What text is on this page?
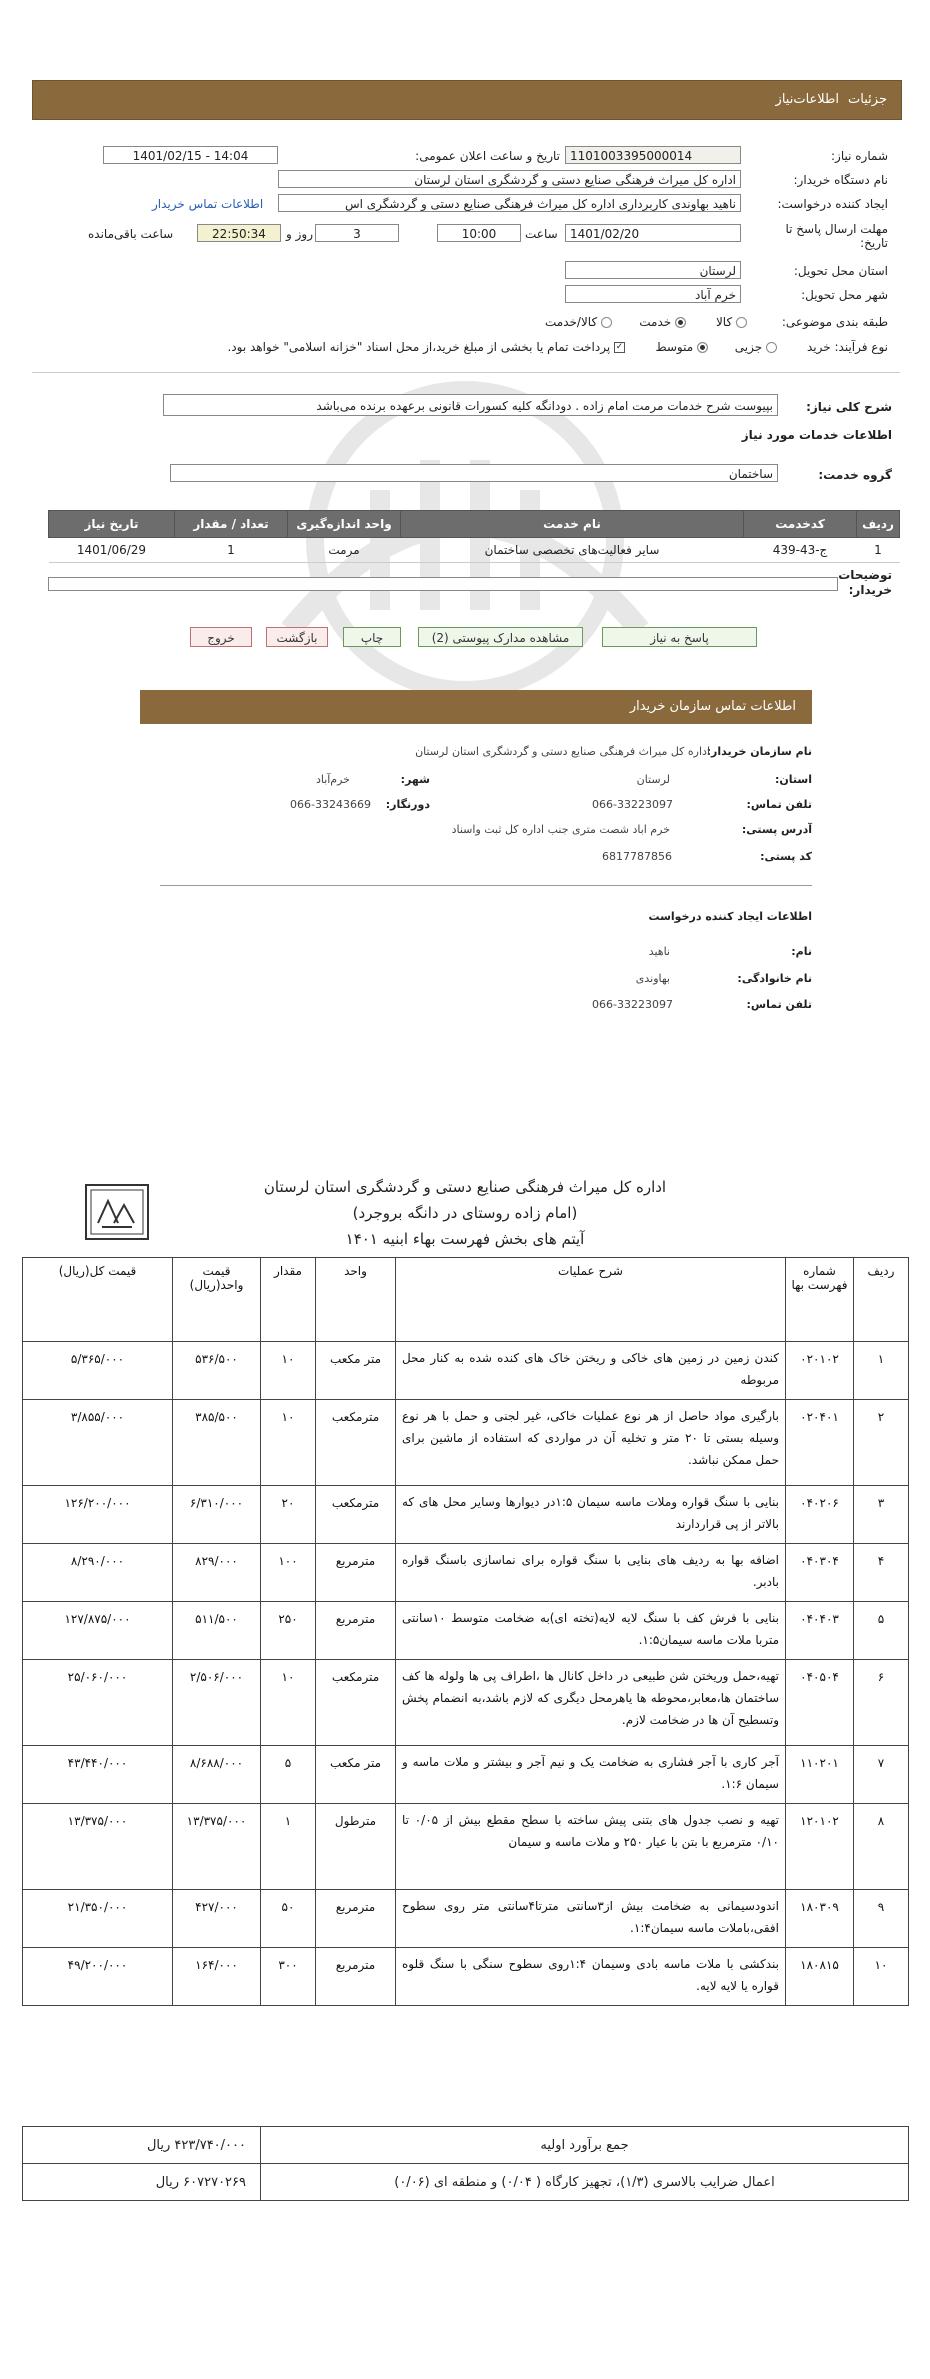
جزئیات
اطلاعات‌نیاز
شماره نیاز:
1101003395000014
تاریخ و ساعت اعلان عمومی:
1401/02/15 - 14:04
نام دستگاه خریدار:
اداره کل میراث فرهنگی صنایع دستی و گردشگری استان لرستان
ایجاد کننده درخواست:
ناهید بهاوندی کاربرداری اداره کل میراث فرهنگی صنایع دستی و گردشگری اس
اطلاعات تماس خریدار
مهلت ارسال پاسخ تا تاریخ:
1401/02/20
ساعت
10:00
3
روز و
22:50:34
ساعت باقی‌مانده
استان محل تحویل:
لرستان
شهر محل تحویل:
خرم آباد
طبقه بندی موضوعی:
کالا
خدمت
کالا/خدمت
نوع فرآیند: خرید
جزیی
متوسط
✓ پرداخت تمام یا بخشی از مبلغ خرید،از محل اسناد "خزانه اسلامی" خواهد بود.
شرح کلی نیاز:
بپیوست شرح خدمات مرمت امام زاده . دودانگه کلیه کسورات قانونی برعهده برنده می‌باشد
اطلاعات خدمات مورد نیاز
گروه خدمت:
ساختمان
ردیف	کدخدمت	نام خدمت	واحد اندازه‌گیری	تعداد / مقدار	تاریخ نیاز
1	ج-43-439	سایر فعالیت‌های تخصصی ساختمان	مرمت	1	1401/06/29
توضیحات خریدار:
پاسخ به نیاز
مشاهده مدارک پیوستی (2)
چاپ
بازگشت
خروج
اطلاعات تماس سازمان خریدار
نام سازمان خریدار:
اداره کل میراث فرهنگی صنایع دستی و گردشگری استان لرستان
استان:
لرستان
شهر:
خرم‌آباد
تلفن تماس:
066-33223097
دورنگار:
066-33243669
آدرس پستی:
خرم اباد شصت متری جنب اداره کل ثبت واسناد
کد پستی:
6817787856
اطلاعات ایجاد کننده درخواست
نام:
ناهید
نام خانوادگی:
بهاوندی
تلفن تماس:
066-33223097
اداره کل میراث فرهنگی صنایع دستی و گردشگری استان لرستان
(امام زاده روستای در دانگه بروجرد)
آیتم های بخش فهرست بهاء ابنیه ۱۴۰۱
ردیف	شماره فهرست بها	شرح عملیات	واحد	مقدار	قیمت واحد(ریال)	قیمت کل(ریال)
۱	۰۲۰۱۰۲	کندن زمین در زمین های خاکی و ریختن خاک های کنده شده به کنار محل مربوطه	متر مکعب	۱۰	۵۳۶/۵۰۰	۵/۳۶۵/۰۰۰
۲	۰۲۰۴۰۱	بارگیری مواد حاصل از هر نوع عملیات خاکی، غیر لجنی و حمل با هر نوع وسیله بستی تا ۲۰ متر و تخلیه آن در مواردی که استفاده از ماشین برای حمل ممکن نباشد.	مترمکعب	۱۰	۳۸۵/۵۰۰	۳/۸۵۵/۰۰۰
۳	۰۴۰۲۰۶	بنایی با سنگ قواره وملات ماسه سیمان ۱:۵در دیوارها وسایر محل های که بالاتر از پی قراردارند	مترمکعب	۲۰	۶/۳۱۰/۰۰۰	۱۲۶/۲۰۰/۰۰۰
۴	۰۴۰۳۰۴	اضافه بها به ردیف های بنایی با سنگ قواره برای نماسازی باسنگ قواره بادبر.	مترمربع	۱۰۰	۸۲۹/۰۰۰	۸/۲۹۰/۰۰۰
۵	۰۴۰۴۰۳	بنایی با فرش کف با سنگ لایه لایه(تخته ای)به ضخامت متوسط ۱۰سانتی متربا ملات ماسه سیمان۱:۵.	مترمربع	۲۵۰	۵۱۱/۵۰۰	۱۲۷/۸۷۵/۰۰۰
۶	۰۴۰۵۰۴	تهیه،حمل وریختن شن طبیعی در داخل کانال ها ،اطراف پی ها ولوله ها کف ساختمان ها،معابر،محوطه ها یاهرمحل دیگری که لازم باشد،به انضمام پخش وتسطیح آن ها در ضخامت لازم.	مترمکعب	۱۰	۲/۵۰۶/۰۰۰	۲۵/۰۶۰/۰۰۰
۷	۱۱۰۲۰۱	آجر کاری با آجر فشاری به ضخامت یک و نیم آجر و بیشتر و ملات ماسه و سیمان ۱:۶.	متر مکعب	۵	۸/۶۸۸/۰۰۰	۴۳/۴۴۰/۰۰۰
۸	۱۲۰۱۰۲	تهیه و نصب جدول های بتنی پیش ساخته با سطح مقطع بیش از ۰/۰۵ تا ۰/۱۰ مترمربع با بتن با عیار ۲۵۰ و ملات ماسه و سیمان	مترطول	۱	۱۳/۳۷۵/۰۰۰	۱۳/۳۷۵/۰۰۰
۹	۱۸۰۳۰۹	اندودسیمانی به ضخامت بیش از۳سانتی مترتا۴سانتی متر روی سطوح افقی،باملات ماسه سیمان۱:۴.	مترمربع	۵۰	۴۲۷/۰۰۰	۲۱/۳۵۰/۰۰۰
۱۰	۱۸۰۸۱۵	بندکشی با ملات ماسه بادی وسیمان ۱:۴روی سطوح سنگی با سنگ قلوه قواره یا لایه لایه.	مترمربع	۳۰۰	۱۶۴/۰۰۰	۴۹/۲۰۰/۰۰۰
جمع برآورد اولیه	۴۲۳/۷۴۰/۰۰۰ ریال
اعمال ضرایب بالاسری (۱/۳)، تجهیز کارگاه ( ۰/۰۴) و منطقه ای (۰/۰۶)	۶۰۷۲۷۰۲۶۹ ریال
